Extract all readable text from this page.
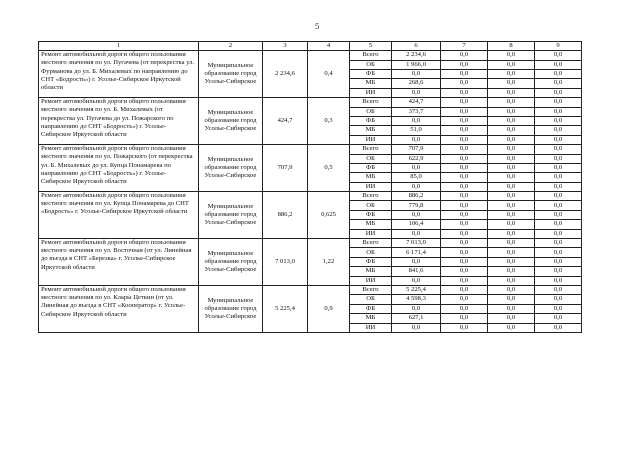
5
1	2	3	4	5	6	7	8	9
Ремонт автомобильной дороги общего пользования местного значения по ул. Пугачева (от перекрестка ул. Фурманова до ул. Б. Михалевых по направлению до СНТ «Бодрость») г. Усолье-Сибирское Иркутской области	Муниципальное образование город Усолье-Сибирское	2 234,6	0,4	Всего	2 234,6	0,0	0,0	0,0
				ОБ	1 966,0	0,0	0,0	0,0
				ФБ	0,0	0,0	0,0	0,0
				МБ	268,6	0,0	0,0	0,0
				ИИ	0,0	0,0	0,0	0,0
Ремонт автомобильной дороги общего пользования местного значения по ул. Б. Михалевых (от перекрестка ул. Пугачева до ул. Пожарского по направлению до СНТ «Бодрость») г. Усолье-Сибирское Иркутской области	Муниципальное образование город Усолье-Сибирское	424,7	0,3	Всего	424,7	0,0	0,0	0,0
				ОБ	373,7	0,0	0,0	0,0
				ФБ	0,0	0,0	0,0	0,0
				МБ	51,0	0,0	0,0	0,0
				ИИ	0,0	0,0	0,0	0,0
Ремонт автомобильной дороги общего пользования местного значения по ул. Пожарского (от перекрестка ул. Б. Михалевых до ул. Купца Понамарева по направлению до СНТ «Бодрость») г. Усолье-Сибирское Иркутской области	Муниципальное образование город Усолье-Сибирское	707,9	0,5	Всего	707,9	0,0	0,0	0,0
				ОБ	622,9	0,0	0,0	0,0
				ФБ	0,0	0,0	0,0	0,0
				МБ	85,0	0,0	0,0	0,0
				ИИ	0,0	0,0	0,0	0,0
Ремонт автомобильной дороги общего пользования местного значения по ул. Купца Понамарева до СНТ «Бодрость» г. Усолье-Сибирское Иркутской области	Муниципальное образование город Усолье-Сибирское	886,2	0,625	Всего	886,2	0,0	0,0	0,0
				ОБ	779,8	0,0	0,0	0,0
				ФБ	0,0	0,0	0,0	0,0
				МБ	106,4	0,0	0,0	0,0
				ИИ	0,0	0,0	0,0	0,0
Ремонт автомобильной дороги общего пользования местного значения по ул. Восточная (от ул. Линейная до въезда в СНТ «Березка» г. Усолье-Сибирское Иркутской области	Муниципальное образование город Усолье-Сибирское	7 013,0	1,22	Всего	7 013,0	0,0	0,0	0,0
				ОБ	6 171,4	0,0	0,0	0,0
				ФБ	0,0	0,0	0,0	0,0
				МБ	841,6	0,0	0,0	0,0
				ИИ	0,0	0,0	0,0	0,0
Ремонт автомобильной дороги общего пользования местного значения по ул. Клары Цеткин (от ул. Линейная до въезда в СНТ «Кооператор» г. Усолье-Сибирское Иркутской области	Муниципальное образование город Усолье-Сибирское	5 225,4	0,9	Всего	5 225,4	0,0	0,0	0,0
				ОБ	4 598,3	0,0	0,0	0,0
				ФБ	0,0	0,0	0,0	0,0
				МБ	627,1	0,0	0,0	0,0
				ИИ	0,0	0,0	0,0	0,0
